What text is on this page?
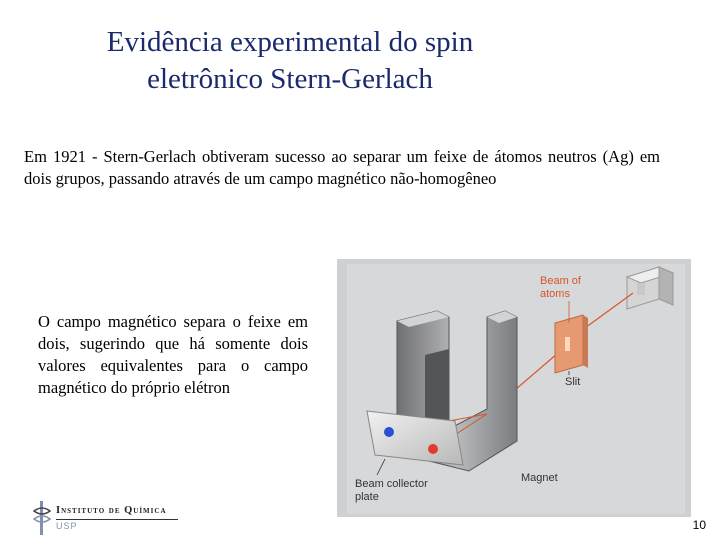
Evidência experimental do spin
eletrônico Stern-Gerlach
Em 1921 - Stern-Gerlach obtiveram sucesso ao separar um feixe de átomos neutros (Ag) em dois grupos, passando através de um campo magnético não-homogêneo
O campo magnético separa o feixe em dois, sugerindo que há somente dois valores equivalentes para o campo magnético do próprio elétron
Beam of
atoms
Slit
Magnet
Beam collector
plate
Instituto de Química
USP	10
